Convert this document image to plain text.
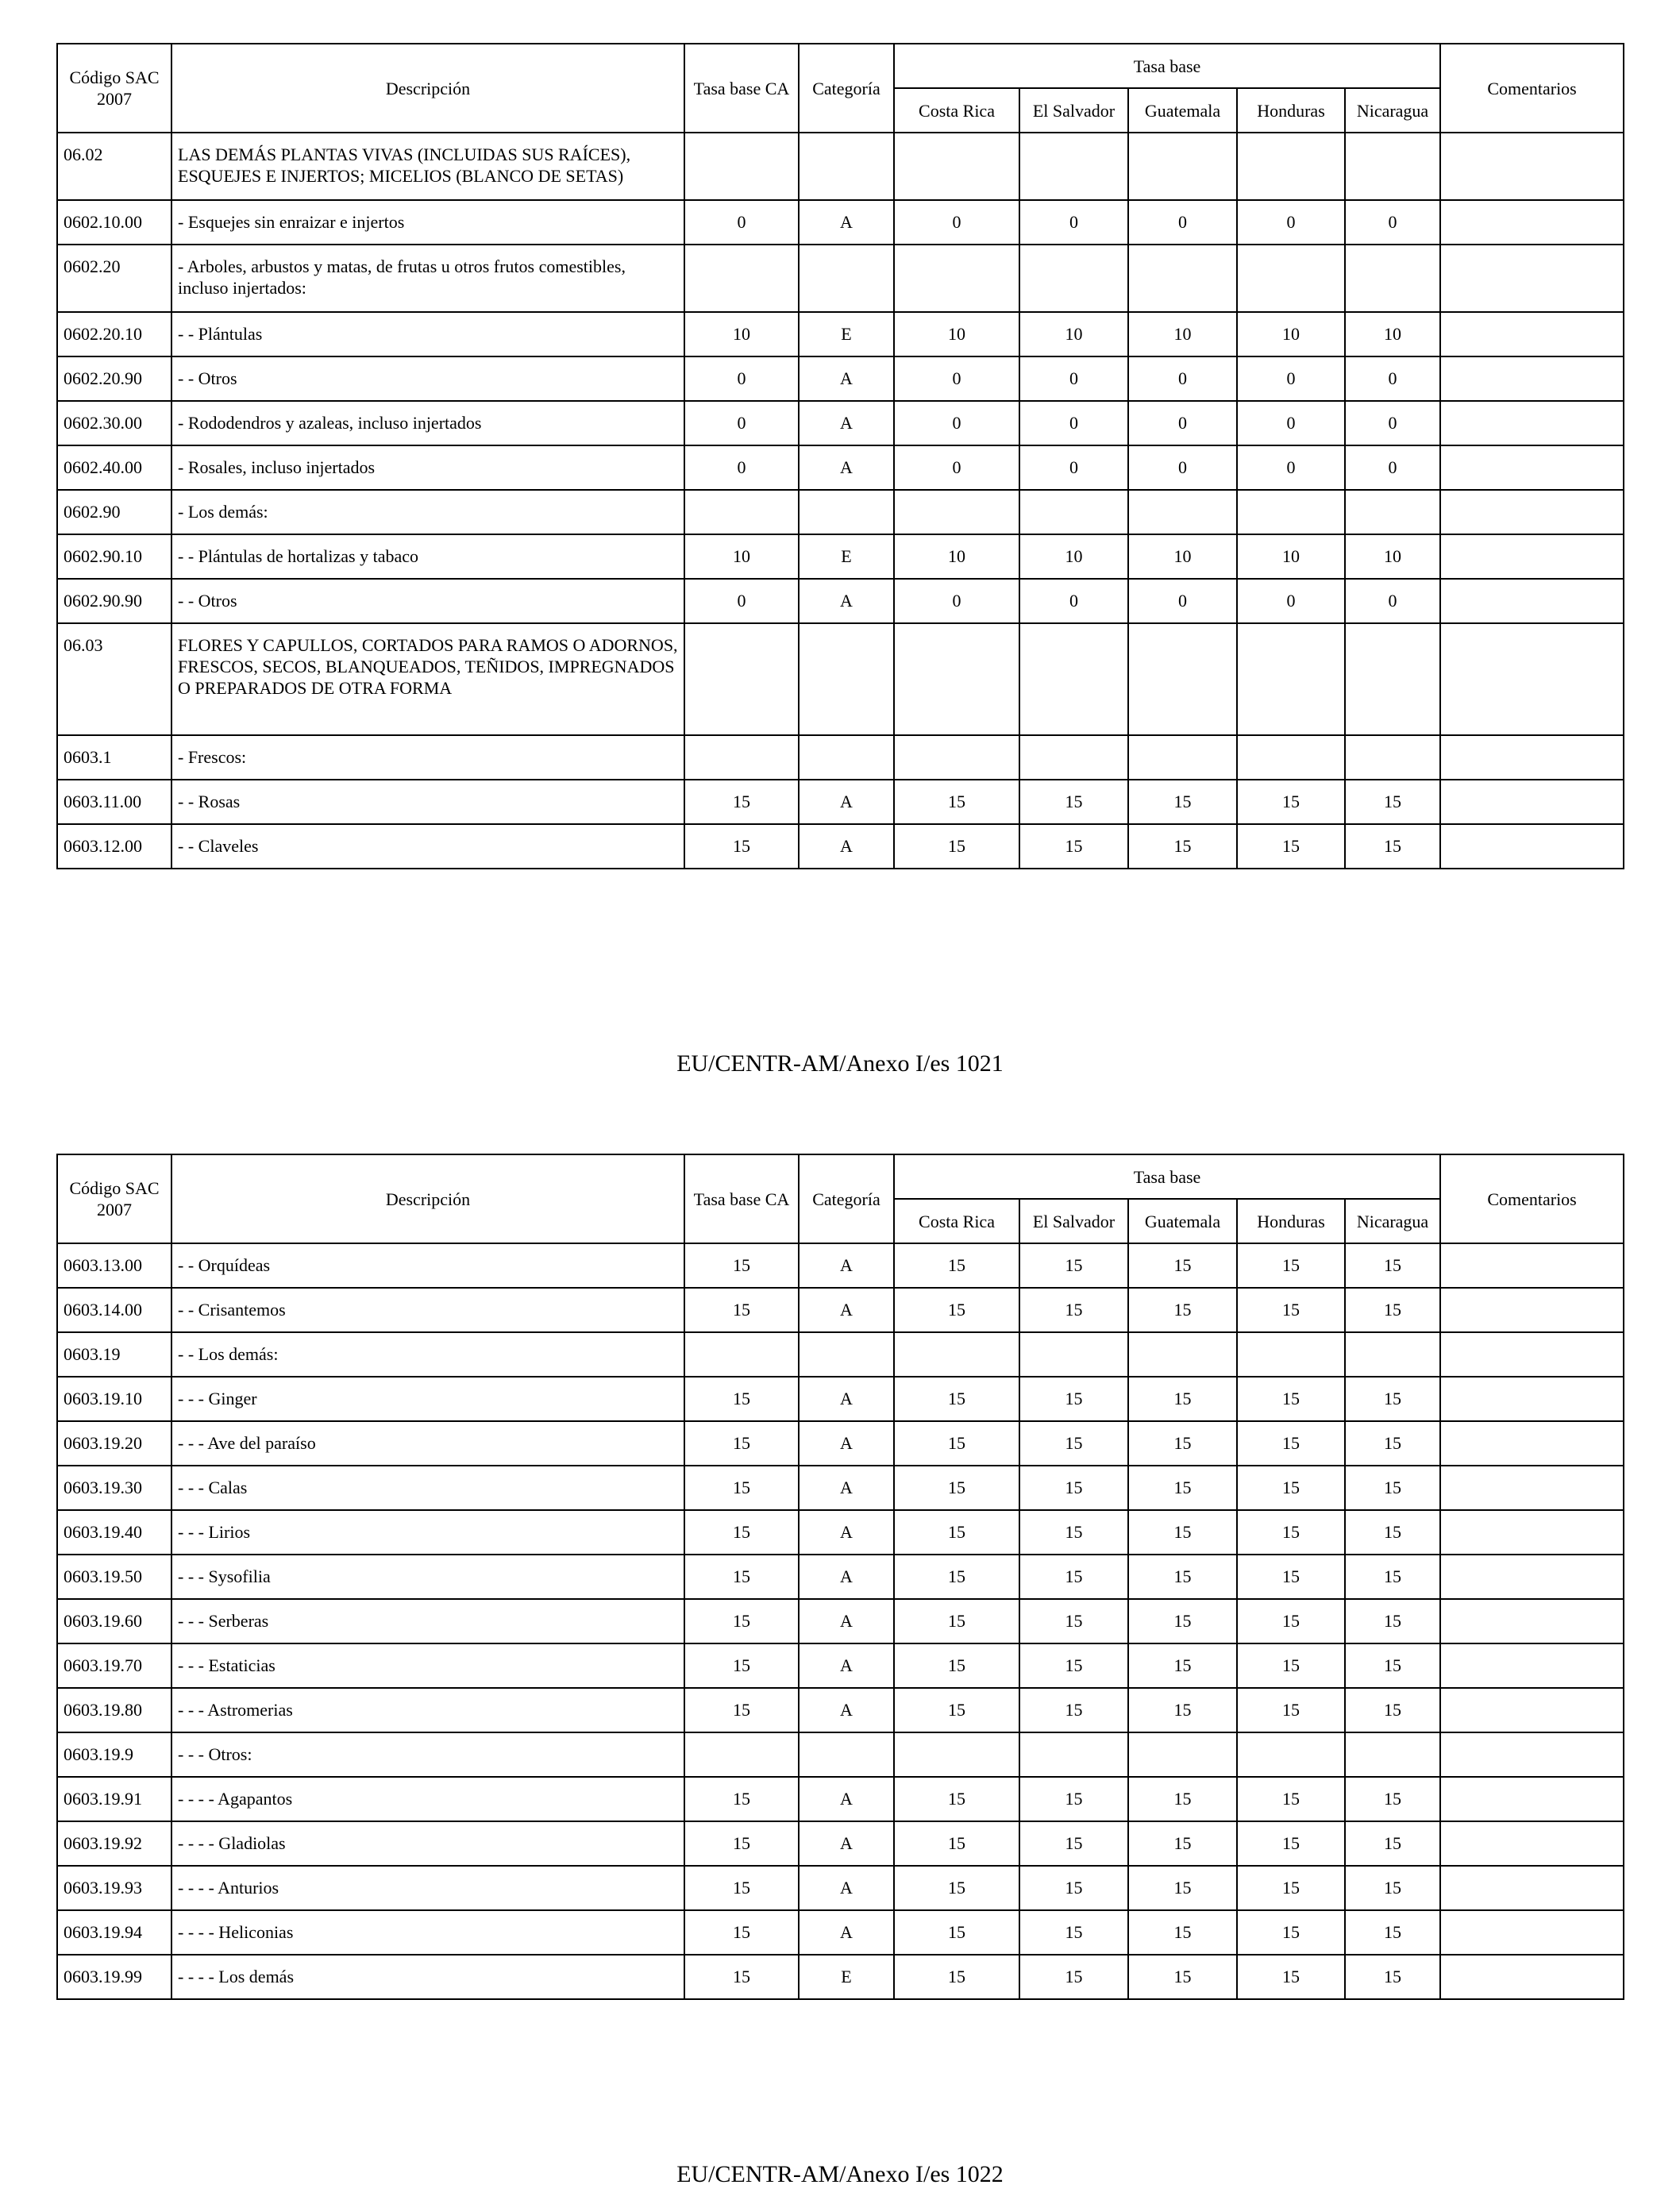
Código SAC 2007	Descripción	Tasa base CA	Categoría	Tasa base					Comentarios
				Costa Rica	El Salvador	Guatemala	Honduras	Nicaragua	
06.02	LAS DEMÁS PLANTAS VIVAS (INCLUIDAS SUS RAÍCES), ESQUEJES E INJERTOS; MICELIOS (BLANCO DE SETAS)								
0602.10.00	- Esquejes sin enraizar e injertos	0	A	0	0	0	0	0	
0602.20	- Arboles, arbustos y matas, de frutas u otros frutos comestibles, incluso injertados:								
0602.20.10	- - Plántulas	10	E	10	10	10	10	10	
0602.20.90	- - Otros	0	A	0	0	0	0	0	
0602.30.00	- Rododendros y azaleas, incluso injertados	0	A	0	0	0	0	0	
0602.40.00	- Rosales, incluso injertados	0	A	0	0	0	0	0	
0602.90	- Los demás:								
0602.90.10	- - Plántulas de hortalizas y tabaco	10	E	10	10	10	10	10	
0602.90.90	- - Otros	0	A	0	0	0	0	0	
06.03	FLORES Y CAPULLOS, CORTADOS PARA RAMOS O ADORNOS, FRESCOS, SECOS, BLANQUEADOS, TEÑIDOS, IMPREGNADOS O PREPARADOS DE OTRA FORMA								
0603.1	- Frescos:								
0603.11.00	- - Rosas	15	A	15	15	15	15	15	
0603.12.00	- - Claveles	15	A	15	15	15	15	15	
EU/CENTR-AM/Anexo I/es 1021
Código SAC 2007	Descripción	Tasa base CA	Categoría	Tasa base					Comentarios
				Costa Rica	El Salvador	Guatemala	Honduras	Nicaragua	
0603.13.00	- - Orquídeas	15	A	15	15	15	15	15	
0603.14.00	- - Crisantemos	15	A	15	15	15	15	15	
0603.19	- - Los demás:								
0603.19.10	- - - Ginger	15	A	15	15	15	15	15	
0603.19.20	- - - Ave del paraíso	15	A	15	15	15	15	15	
0603.19.30	- - - Calas	15	A	15	15	15	15	15	
0603.19.40	- - - Lirios	15	A	15	15	15	15	15	
0603.19.50	- - - Sysofilia	15	A	15	15	15	15	15	
0603.19.60	- - - Serberas	15	A	15	15	15	15	15	
0603.19.70	- - - Estaticias	15	A	15	15	15	15	15	
0603.19.80	- - - Astromerias	15	A	15	15	15	15	15	
0603.19.9	- - - Otros:								
0603.19.91	- - - - Agapantos	15	A	15	15	15	15	15	
0603.19.92	- - - - Gladiolas	15	A	15	15	15	15	15	
0603.19.93	- - - - Anturios	15	A	15	15	15	15	15	
0603.19.94	- - - - Heliconias	15	A	15	15	15	15	15	
0603.19.99	- - - - Los demás	15	E	15	15	15	15	15	
EU/CENTR-AM/Anexo I/es 1022
